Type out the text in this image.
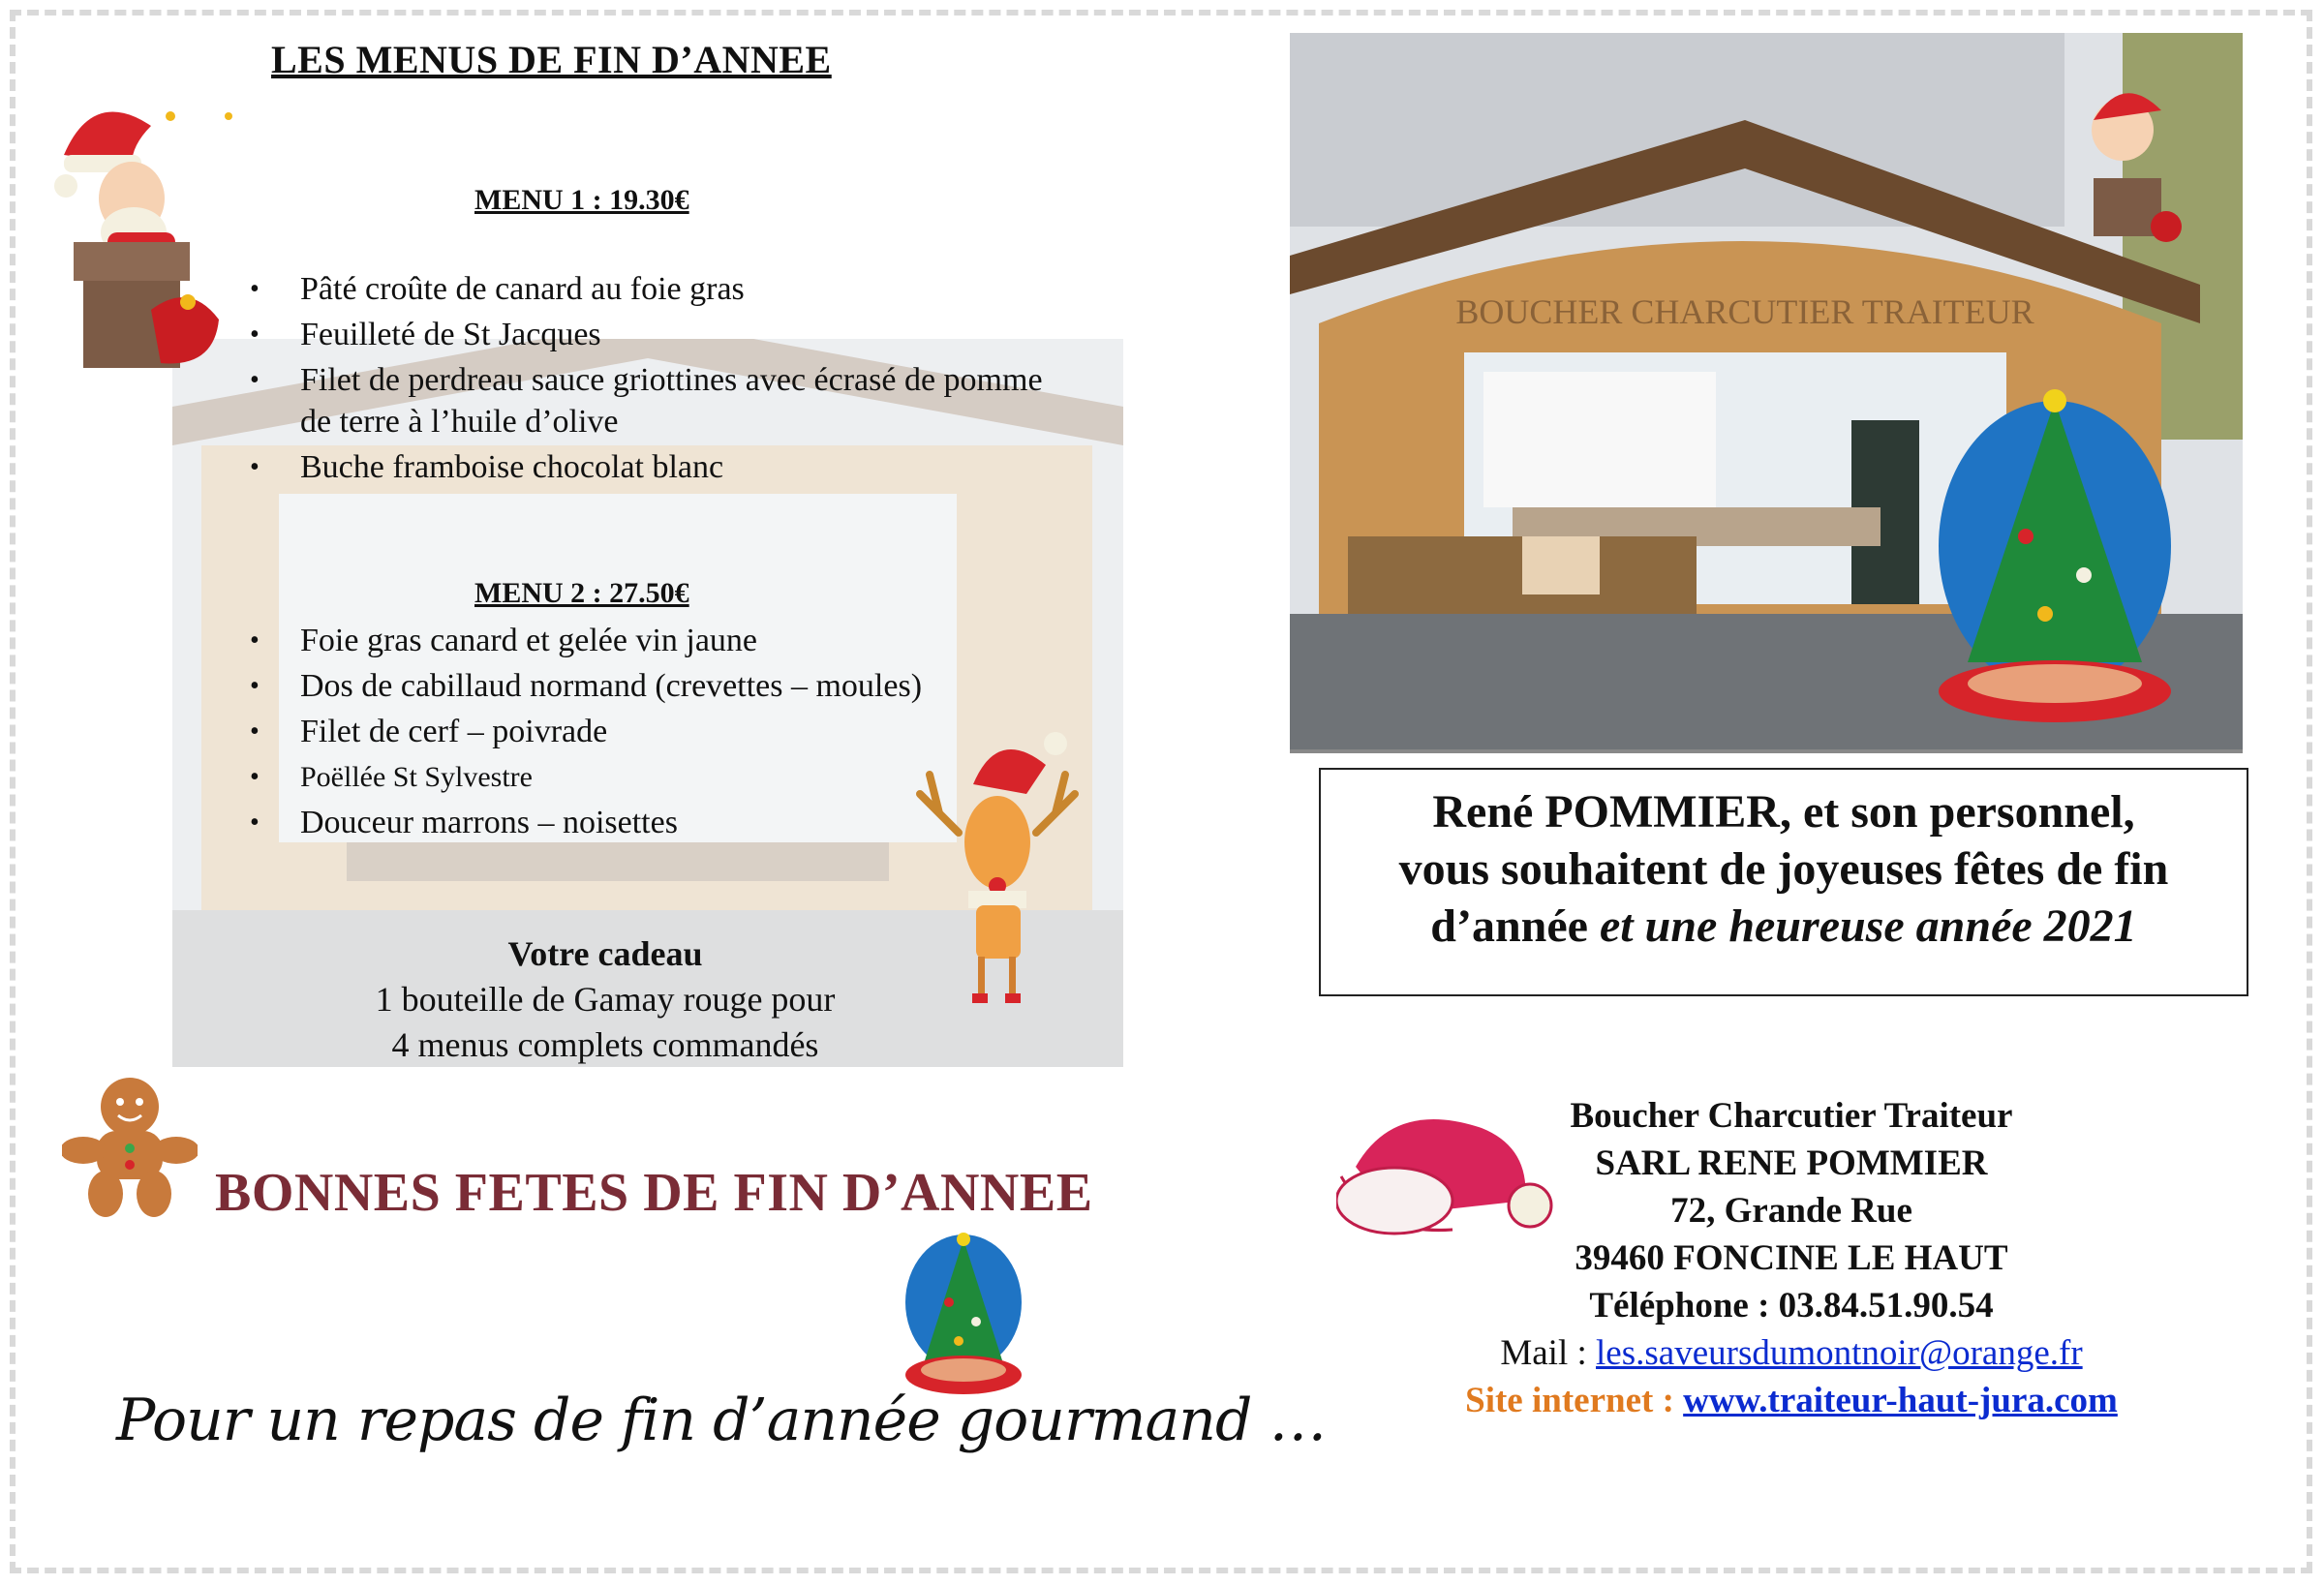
LES MENUS DE FIN D’ANNEE
MENU 1 : 19.30€
• Pâté croûte de canard au foie gras
• Feuilleté de St Jacques
• Filet de perdreau sauce griottines avec écrasé de pomme
de terre à l’huile d’olive
• Buche framboise chocolat blanc
MENU 2 : 27.50€
• Foie gras canard et gelée vin jaune
• Dos de cabillaud normand (crevettes – moules)
• Filet de cerf – poivrade
• Poëllée St Sylvestre
• Douceur marrons – noisettes
Votre cadeau
1 bouteille de Gamay rouge pour
4 menus complets commandés
BONNES FETES DE FIN D’ANNEE
Pour un repas de fin d’année gourmand …
BOUCHER CHARCUTIER TRAITEUR
René POMMIER, et son personnel,
vous souhaitent de joyeuses fêtes de fin
d’année et une heureuse année 2021
Boucher Charcutier Traiteur
SARL RENE POMMIER
72, Grande Rue
39460 FONCINE LE HAUT
Téléphone : 03.84.51.90.54
Mail : les.saveursdumontnoir@orange.fr
Site internet : www.traiteur-haut-jura.com
